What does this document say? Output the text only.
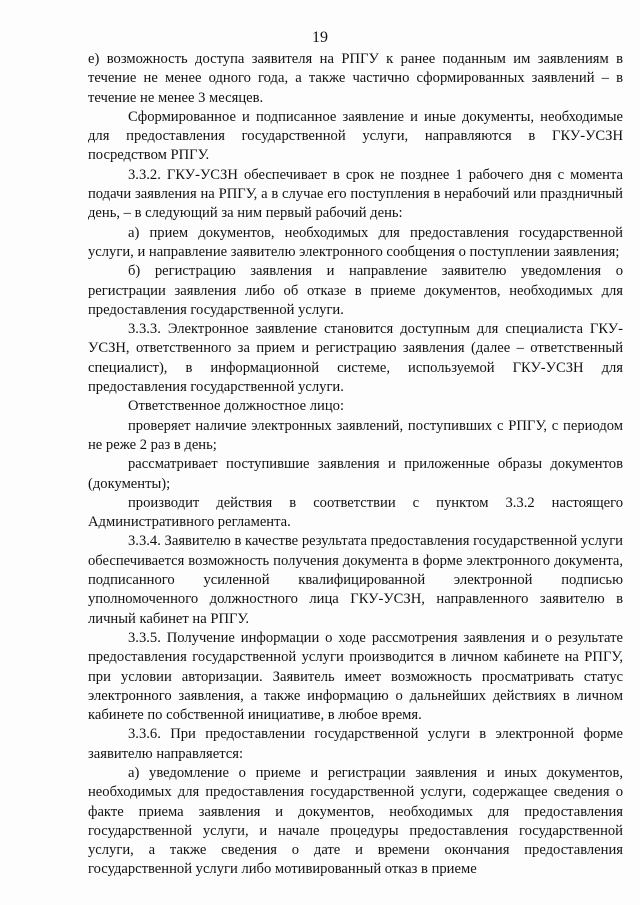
19

е) возможность доступа заявителя на РПГУ к ранее поданным им заявлениям в течение не менее одного года, а также частично сформированных заявлений – в течение не менее 3 месяцев.

Сформированное и подписанное заявление и иные документы, необходимые для предоставления государственной услуги, направляются в ГКУ-УСЗН посредством РПГУ.

3.3.2. ГКУ-УСЗН обеспечивает в срок не позднее 1 рабочего дня с момента подачи заявления на РПГУ, а в случае его поступления в нерабочий или праздничный день, – в следующий за ним первый рабочий день:

а) прием документов, необходимых для предоставления государственной услуги, и направление заявителю электронного сообщения о поступлении заявления;

б) регистрацию заявления и направление заявителю уведомления о регистрации заявления либо об отказе в приеме документов, необходимых для предоставления государственной услуги.

3.3.3. Электронное заявление становится доступным для специалиста ГКУ-УСЗН, ответственного за прием и регистрацию заявления (далее – ответственный специалист), в информационной системе, используемой ГКУ-УСЗН для предоставления государственной услуги.

Ответственное должностное лицо:

проверяет наличие электронных заявлений, поступивших с РПГУ, с периодом не реже 2 раз в день;

рассматривает поступившие заявления и приложенные образы документов (документы);

производит действия в соответствии с пунктом 3.3.2 настоящего Административного регламента.

3.3.4. Заявителю в качестве результата предоставления государственной услуги обеспечивается возможность получения документа в форме электронного документа, подписанного усиленной квалифицированной электронной подписью уполномоченного должностного лица ГКУ-УСЗН, направленного заявителю в личный кабинет на РПГУ.

3.3.5. Получение информации о ходе рассмотрения заявления и о результате предоставления государственной услуги производится в личном кабинете на РПГУ, при условии авторизации. Заявитель имеет возможность просматривать статус электронного заявления, а также информацию о дальнейших действиях в личном кабинете по собственной инициативе, в любое время.

3.3.6. При предоставлении государственной услуги в электронной форме заявителю направляется:

а) уведомление о приеме и регистрации заявления и иных документов, необходимых для предоставления государственной услуги, содержащее сведения о факте приема заявления и документов, необходимых для предоставления государственной услуги, и начале процедуры предоставления государственной услуги, а также сведения о дате и времени окончания предоставления государственной услуги либо мотивированный отказ в приеме
